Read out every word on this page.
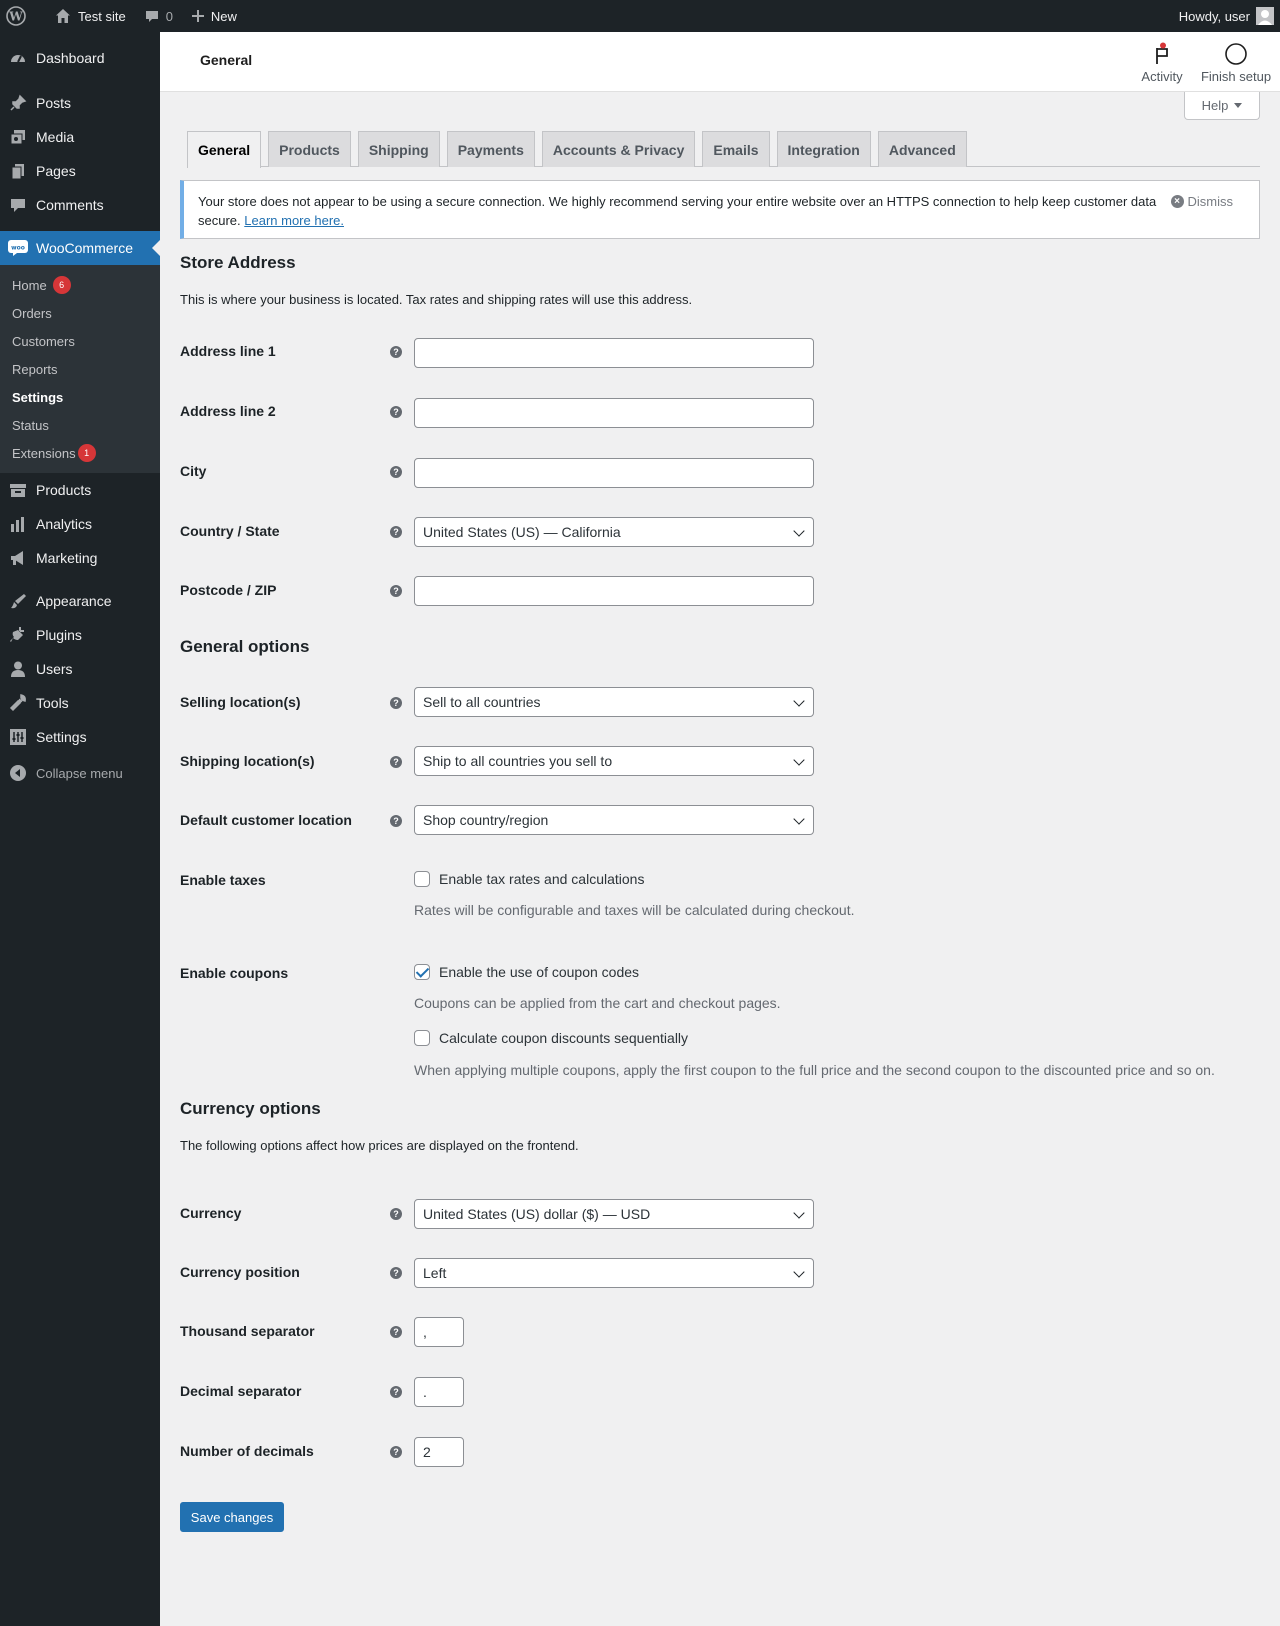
W	Test site	0	New	Howdy, user
Dashboard
Posts
Media
Pages
Comments
woo WooCommerce
Home	6
Orders
Customers
Reports
Settings
Status
Extensions 1
Products
Analytics
Marketing
Appearance
Plugins
Users
Tools
Settings
Collapse menu
General
Activity Finish setup
Help
General	Products	Shipping	Payments	Accounts & Privacy	Emails	Integration	Advanced
Your store does not appear to be using a secure connection. We highly recommend serving your entire website over an HTTPS connection to help keep customer data secure. Learn more here.
× Dismiss
Store Address
This is where your business is located. Tax rates and shipping rates will use this address.
Address line 1	?
Address line 2	?
City	?
Country / State	? United States (US) — California
Postcode / ZIP	?
General options
Selling location(s)	? Sell to all countries
Shipping location(s)	? Ship to all countries you sell to
Default customer location	? Shop country/region
Enable taxes	Enable tax rates and calculations
Rates will be configurable and taxes will be calculated during checkout.
Enable coupons	Enable the use of coupon codes
Coupons can be applied from the cart and checkout pages.
Calculate coupon discounts sequentially
When applying multiple coupons, apply the first coupon to the full price and the second coupon to the discounted price and so on.
Currency options
The following options affect how prices are displayed on the frontend.
Currency	? United States (US) dollar ($) — USD
Currency position	? Left
Thousand separator	?	,
Decimal separator	?	.
Number of decimals	?	2
Save changes
